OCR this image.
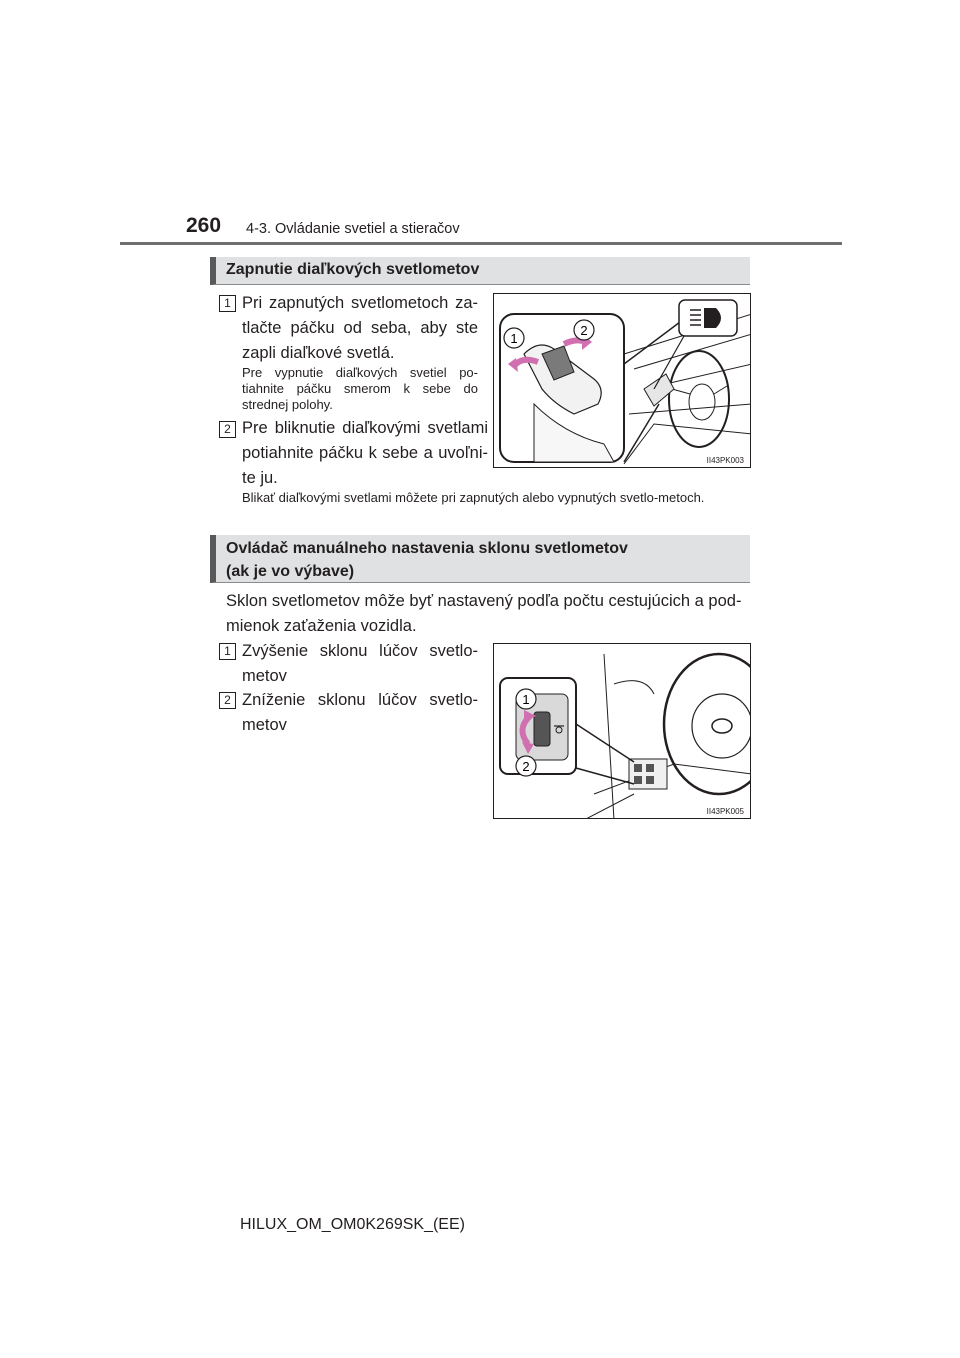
260 4-3. Ovládanie svetiel a stieračov
Zapnutie diaľkových svetlometov
1 Pri zapnutých svetlometoch za-tlačte páčku od seba, aby ste zapli diaľkové svetlá.
Pre vypnutie diaľkových svetiel po-tiahnite páčku smerom k sebe do strednej polohy.
2 Pre bliknutie diaľkovými svetlami potiahnite páčku k sebe a uvoľni-te ju.
Blikať diaľkovými svetlami môžete pri zapnutých alebo vypnutých svetlo-metoch.
1
2
II43PK003
Ovládač manuálneho nastavenia sklonu svetlometov
(ak je vo výbave)
Sklon svetlometov môže byť nastavený podľa počtu cestujúcich a pod-mienok zaťaženia vozidla.
1 Zvýšenie sklonu lúčov svetlo-metov
2 Zníženie sklonu lúčov svetlo-metov
1
2
II43PK005
HILUX_OM_OM0K269SK_(EE)
